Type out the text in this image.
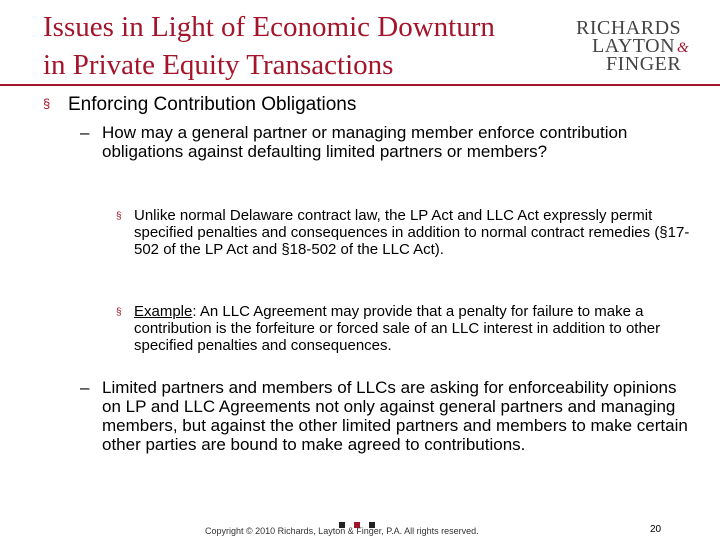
Issues in Light of Economic Downturn
in Private Equity Transactions
RICHARDS
LAYTON &
FINGER
§ Enforcing Contribution Obligations
– How may a general partner or managing member enforce contribution obligations against defaulting limited partners or members?
§ Unlike normal Delaware contract law, the LP Act and LLC Act expressly permit specified penalties and consequences in addition to normal contract remedies (§17-502 of the LP Act and §18-502 of the LLC Act).
§ Example: An LLC Agreement may provide that a penalty for failure to make a contribution is the forfeiture or forced sale of an LLC interest in addition to other specified penalties and consequences.
– Limited partners and members of LLCs are asking for enforceability opinions on LP and LLC Agreements not only against general partners and managing members, but against the other limited partners and members to make certain other parties are bound to make agreed to contributions.
Copyright © 2010 Richards, Layton & Finger, P.A. All rights reserved.	20
